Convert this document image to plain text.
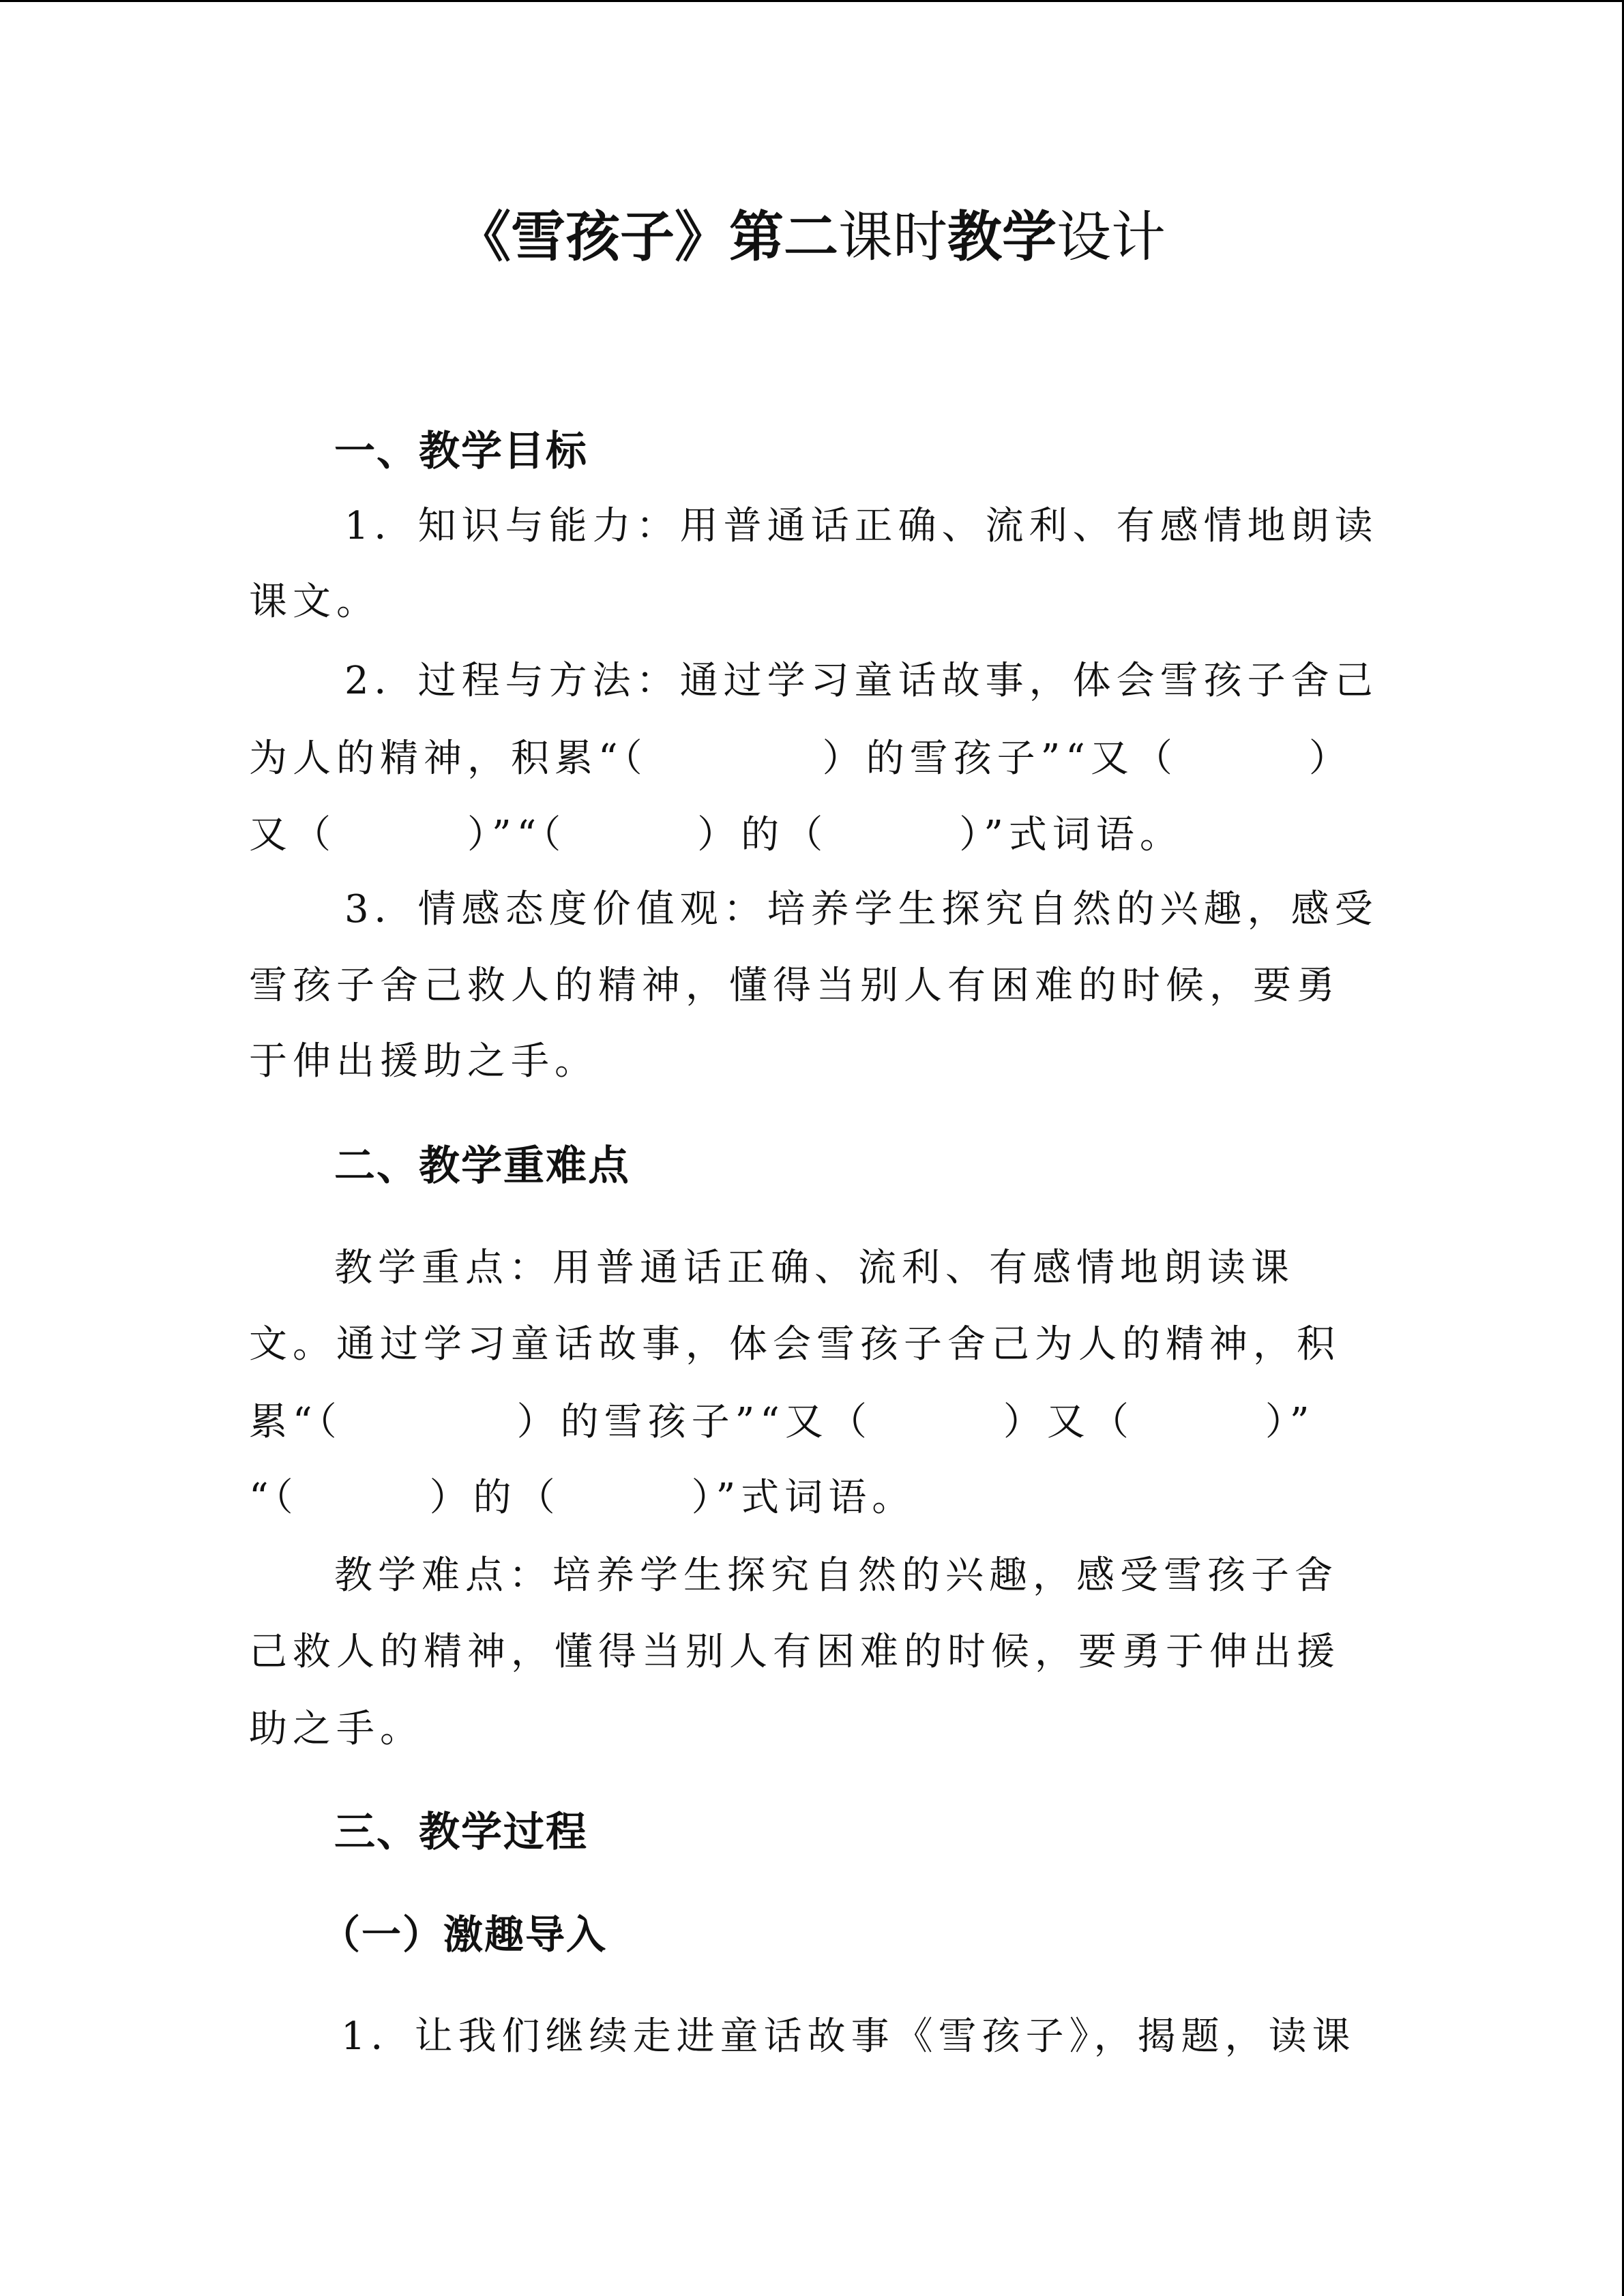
《雪孩子》第二课时教学设计
一、教学目标
1．知识与能力：用普通话正确、流利、有感情地朗读
课文。
2．过程与方法：通过学习童话故事，体会雪孩子舍己
为人的精神，积累“（　　　　）的雪孩子”“又（　　　）
又（　　　）”“（　　　）的（　　　）”式词语。
3．情感态度价值观：培养学生探究自然的兴趣，感受
雪孩子舍己救人的精神，懂得当别人有困难的时候，要勇
于伸出援助之手。
二、教学重难点
教学重点：用普通话正确、流利、有感情地朗读课
文。通过学习童话故事，体会雪孩子舍己为人的精神，积
累“（　　　　）的雪孩子”“又（　　　）又（　　　）”
“（　　　）的（　　　）”式词语。
教学难点：培养学生探究自然的兴趣，感受雪孩子舍
己救人的精神，懂得当别人有困难的时候，要勇于伸出援
助之手。
三、教学过程
（一）激趣导入
1．让我们继续走进童话故事《雪孩子》，揭题，读课
